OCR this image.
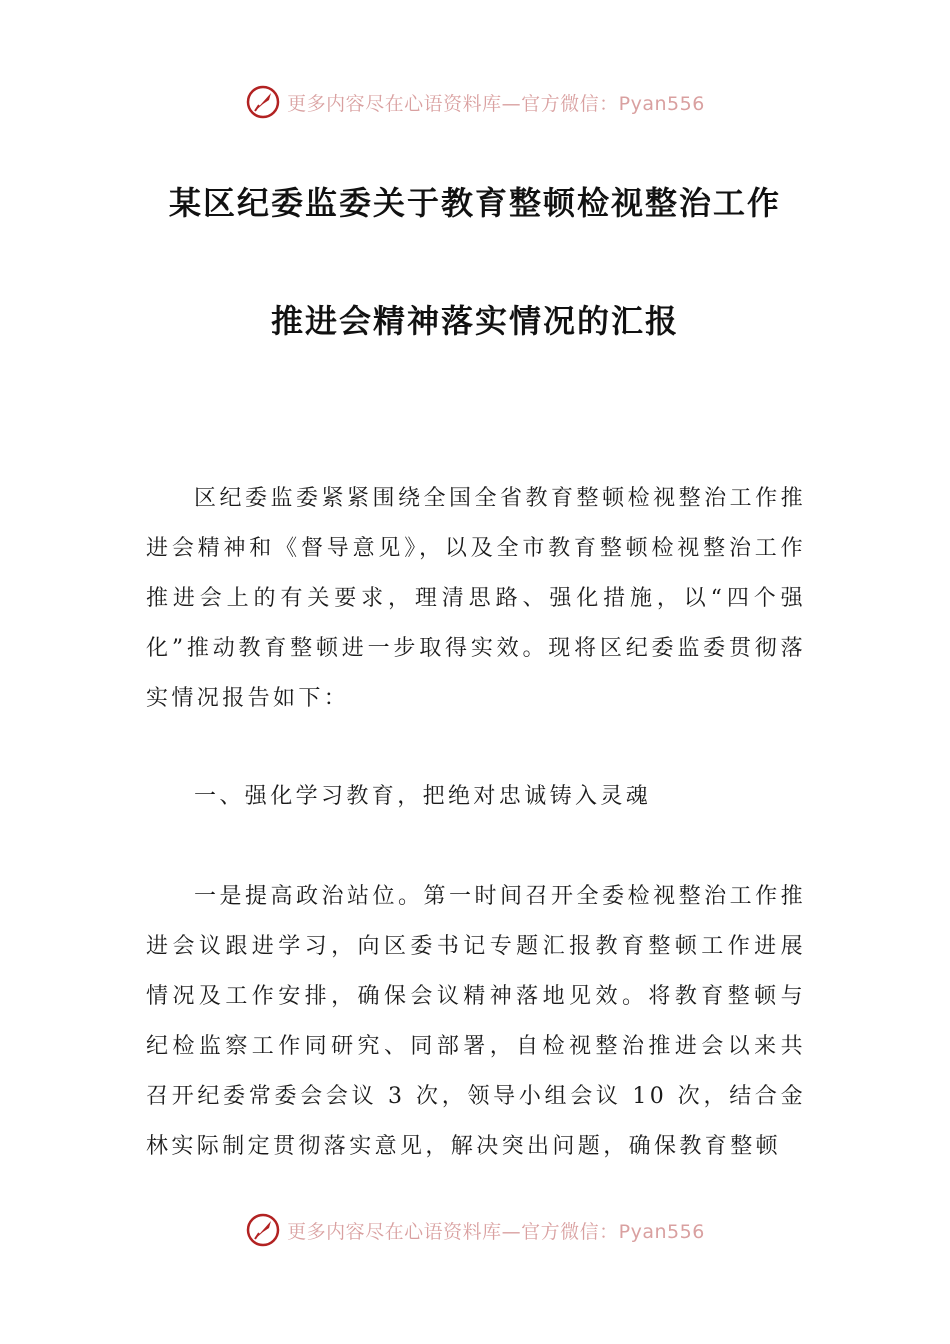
更多内容尽在心语资料库—官方微信：Pyan556
某区纪委监委关于教育整顿检视整治工作
推进会精神落实情况的汇报
区纪委监委紧紧围绕全国全省教育整顿检视整治工作推进会精神和《督导意见》，以及全市教育整顿检视整治工作推进会上的有关要求，理清思路、强化措施，以“四个强化”推动教育整顿进一步取得实效。现将区纪委监委贯彻落实情况报告如下：
一、强化学习教育，把绝对忠诚铸入灵魂
一是提高政治站位。第一时间召开全委检视整治工作推进会议跟进学习，向区委书记专题汇报教育整顿工作进展情况及工作安排，确保会议精神落地见效。将教育整顿与纪检监察工作同研究、同部署，自检视整治推进会以来共召开纪委常委会会议 3 次，领导小组会议 10 次，结合金林实际制定贯彻落实意见，解决突出问题，确保教育整顿
更多内容尽在心语资料库—官方微信：Pyan556
